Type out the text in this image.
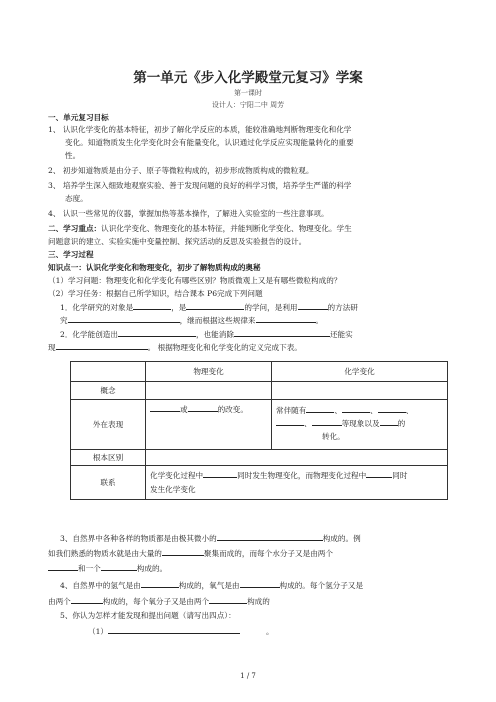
第一单元《步入化学殿堂元复习》学案
第一课时
设计人：宁阳二中 周芳
一、单元复习目标
1、 认识化学变化的基本特征，初步了解化学反应的本质，能较准确地判断物理变化和化学
变化。知道物质发生化学变化时会有能量变化，认识通过化学反应实现能量转化的重要
性。
2、 初步知道物质是由分子、原子等微粒构成的，初步形成物质构成的微粒观。
3、 培养学生深入细致地观察实验、善于发现问题的良好的科学习惯，培养学生严谨的科学
态度。
4、 认识一些常见的仪器，掌握加热等基本操作，了解进入实验室的一些注意事项。
二、学习重点：认识化学变化、物理变化的基本特征，并能判断化学变化、物理变化。学生
问题意识的建立、实验实施中变量控制、探究活动的反思及实验报告的设计。
三、学习过程
知识点一：认识化学变化和物理变化，初步了解物质构成的奥秘
（1）学习问题：物理变化和化学变化有哪些区别？物质微观上又是有哪些微粒构成的？
（2）学习任务：根据自己所学知识，结合课本 P6完成下列问题
1．化学研究的对象是	，是	的学问，是利用	的方法研
究	，继而根据这些规律来	。
2．化学能创造出	，也能消除	还能实
现	。 根据物理变化和化学变化的定义完成下表。
	物理变化	化学变化
概念		
外在表现	或 的改变。	常伴随有 、 、 、
、 等现象以及 的
转化。
根本区别		
联系	化学变化过程中 同时发生物理变化，而物理变化过程中 同时
发生化学变化	
3、自然界中各种各样的物质都是由极其微小的	构成的。例
如我们熟悉的物质水就是由大量的	聚集而成的，而每个水分子又是由两个
和一个	构成的。
4、自然界中的氢气是由	构成的，氧气是由	构成的。每个氢分子又是
由两个	构成的，每个氧分子又是由两个	构成的
5、你认为怎样才能发现和提出问题（请写出四点）：
（1）	。
1 / 7
